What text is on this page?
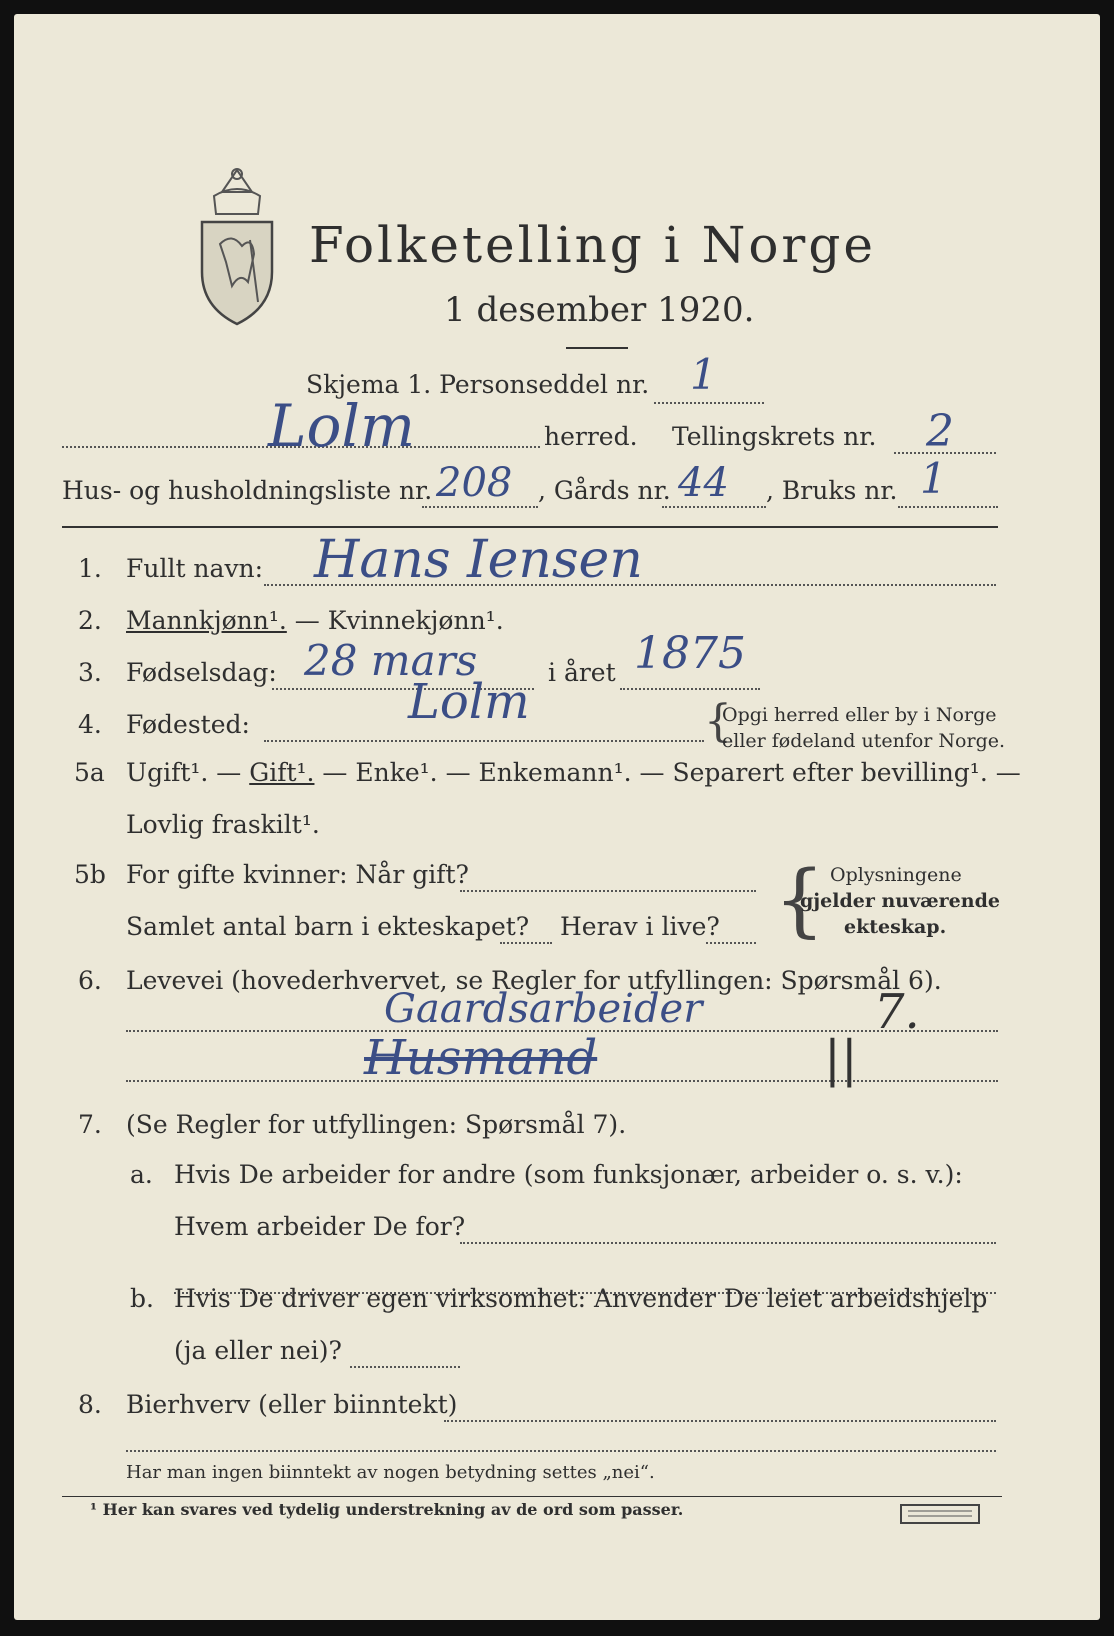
Folketelling i Norge
1 desember 1920.
Skjema 1. Personseddel nr. 1
Lolm	herred. Tellingskrets nr. 2
Hus- og husholdningsliste nr. 208 , Gårds nr. 44 , Bruks nr. 1
1. Fullt navn: Hans Iensen
2. Mannkjønn¹. — Kvinnekjønn¹.
3. Fødselsdag: 28 mars	i året 1875
4. Fødested:	Lolm	{
Opgi herred eller by i Norge
eller fødeland utenfor Norge.
5a Ugift¹. — Gift¹. — Enke¹. — Enkemann¹. — Separert efter bevilling¹. —
Lovlig fraskilt¹.
5b For gifte kvinner: Når gift?
Samlet antal barn i ekteskapet? Herav i live? { Oplysningene
gjelder nuværende
ekteskap.
6. Levevei (hovederhvervet, se Regler for utfyllingen: Spørsmål 6).
Gaardsarbeider	7.
Husmand	||
7. (Se Regler for utfyllingen: Spørsmål 7).
a. Hvis De arbeider for andre (som funksjonær, arbeider o. s. v.):
Hvem arbeider De for?
b. Hvis De driver egen virksomhet: Anvender De leiet arbeidshjelp
(ja eller nei)?
8. Bierhverv (eller biinntekt)
Har man ingen biinntekt av nogen betydning settes „nei“.
¹ Her kan svares ved tydelig understrekning av de ord som passer.
